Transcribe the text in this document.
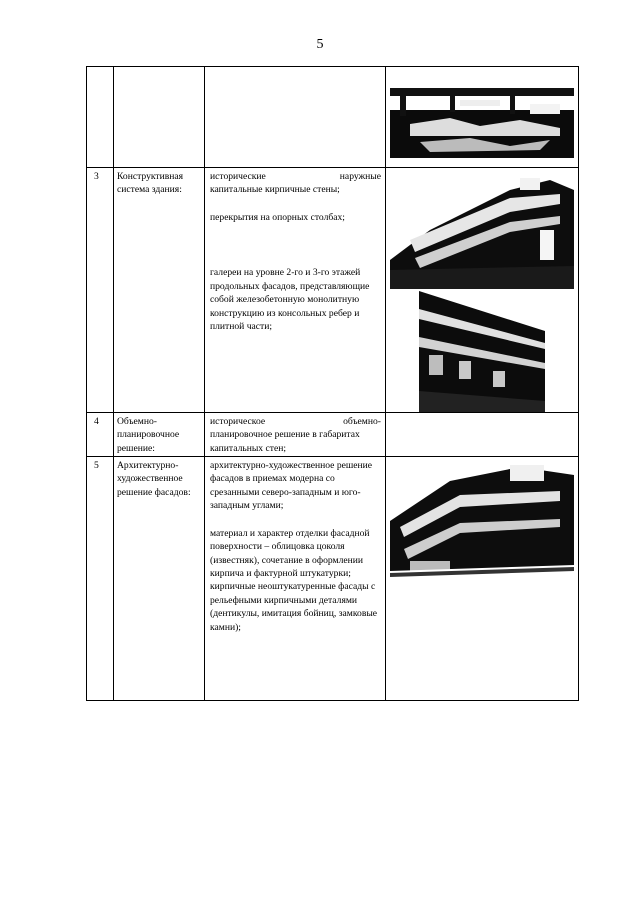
5

3	Конструктивная система здания:	исторические наружные

капитальные кирпичные стены;

перекрытия на опорных столбах;

галереи на уровне 2-го и 3-го этажей продольных фасадов, представляющие собой железобетонную монолитную конструкцию из консольных ребер и плитной части;

4	Объемно-планировочное решение:	историческое объемно-

планировочное решение в габаритах капитальных стен;	

5	Архитектурно-художественное решение фасадов:	архитектурно-художественное решение фасадов в приемах модерна со срезанными северо-западным и юго-западным углами;

материал и характер отделки фасадной поверхности – облицовка цоколя (известняк), сочетание в оформлении кирпича и фактурной штукатурки;

кирпичные неоштукатуренные фасады с рельефными кирпичными деталями (дентикулы, имитация бойниц, замковые камни);
